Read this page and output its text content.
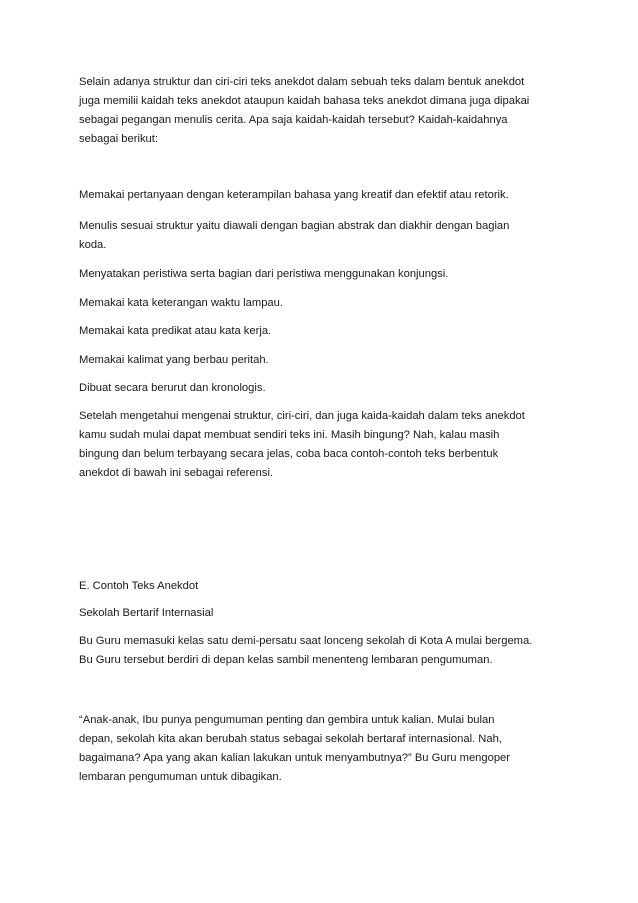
Selain adanya struktur dan ciri-ciri teks anekdot dalam sebuah teks dalam bentuk anekdot
juga memilii kaidah teks anekdot ataupun kaidah bahasa teks anekdot dimana juga dipakai
sebagai pegangan menulis cerita. Apa saja kaidah-kaidah tersebut? Kaidah-kaidahnya
sebagai berikut:

Memakai pertanyaan dengan keterampilan bahasa yang kreatif dan efektif atau retorik.

Menulis sesuai struktur yaitu diawali dengan bagian abstrak dan diakhir dengan bagian
koda.

Menyatakan peristiwa serta bagian dari peristiwa menggunakan konjungsi.

Memakai kata keterangan waktu lampau.

Memakai kata predikat atau kata kerja.

Memakai kalimat yang berbau peritah.

Dibuat secara berurut dan kronologis.

Setelah mengetahui mengenai struktur, ciri-ciri, dan juga kaida-kaidah dalam teks anekdot
kamu sudah mulai dapat membuat sendiri teks ini. Masih bingung? Nah, kalau masih
bingung dan belum terbayang secara jelas, coba baca contoh-contoh teks berbentuk
anekdot di bawah ini sebagai referensi.

E. Contoh Teks Anekdot

Sekolah Bertarif Internasial

Bu Guru memasuki kelas satu demi-persatu saat lonceng sekolah di Kota A mulai bergema.
Bu Guru tersebut berdiri di depan kelas sambil menenteng lembaran pengumuman.

“Anak-anak, Ibu punya pengumuman penting dan gembira untuk kalian. Mulai bulan
depan, sekolah kita akan berubah status sebagai sekolah bertaraf internasional. Nah,
bagaimana? Apa yang akan kalian lakukan untuk menyambutnya?” Bu Guru mengoper
lembaran pengumuman untuk dibagikan.
